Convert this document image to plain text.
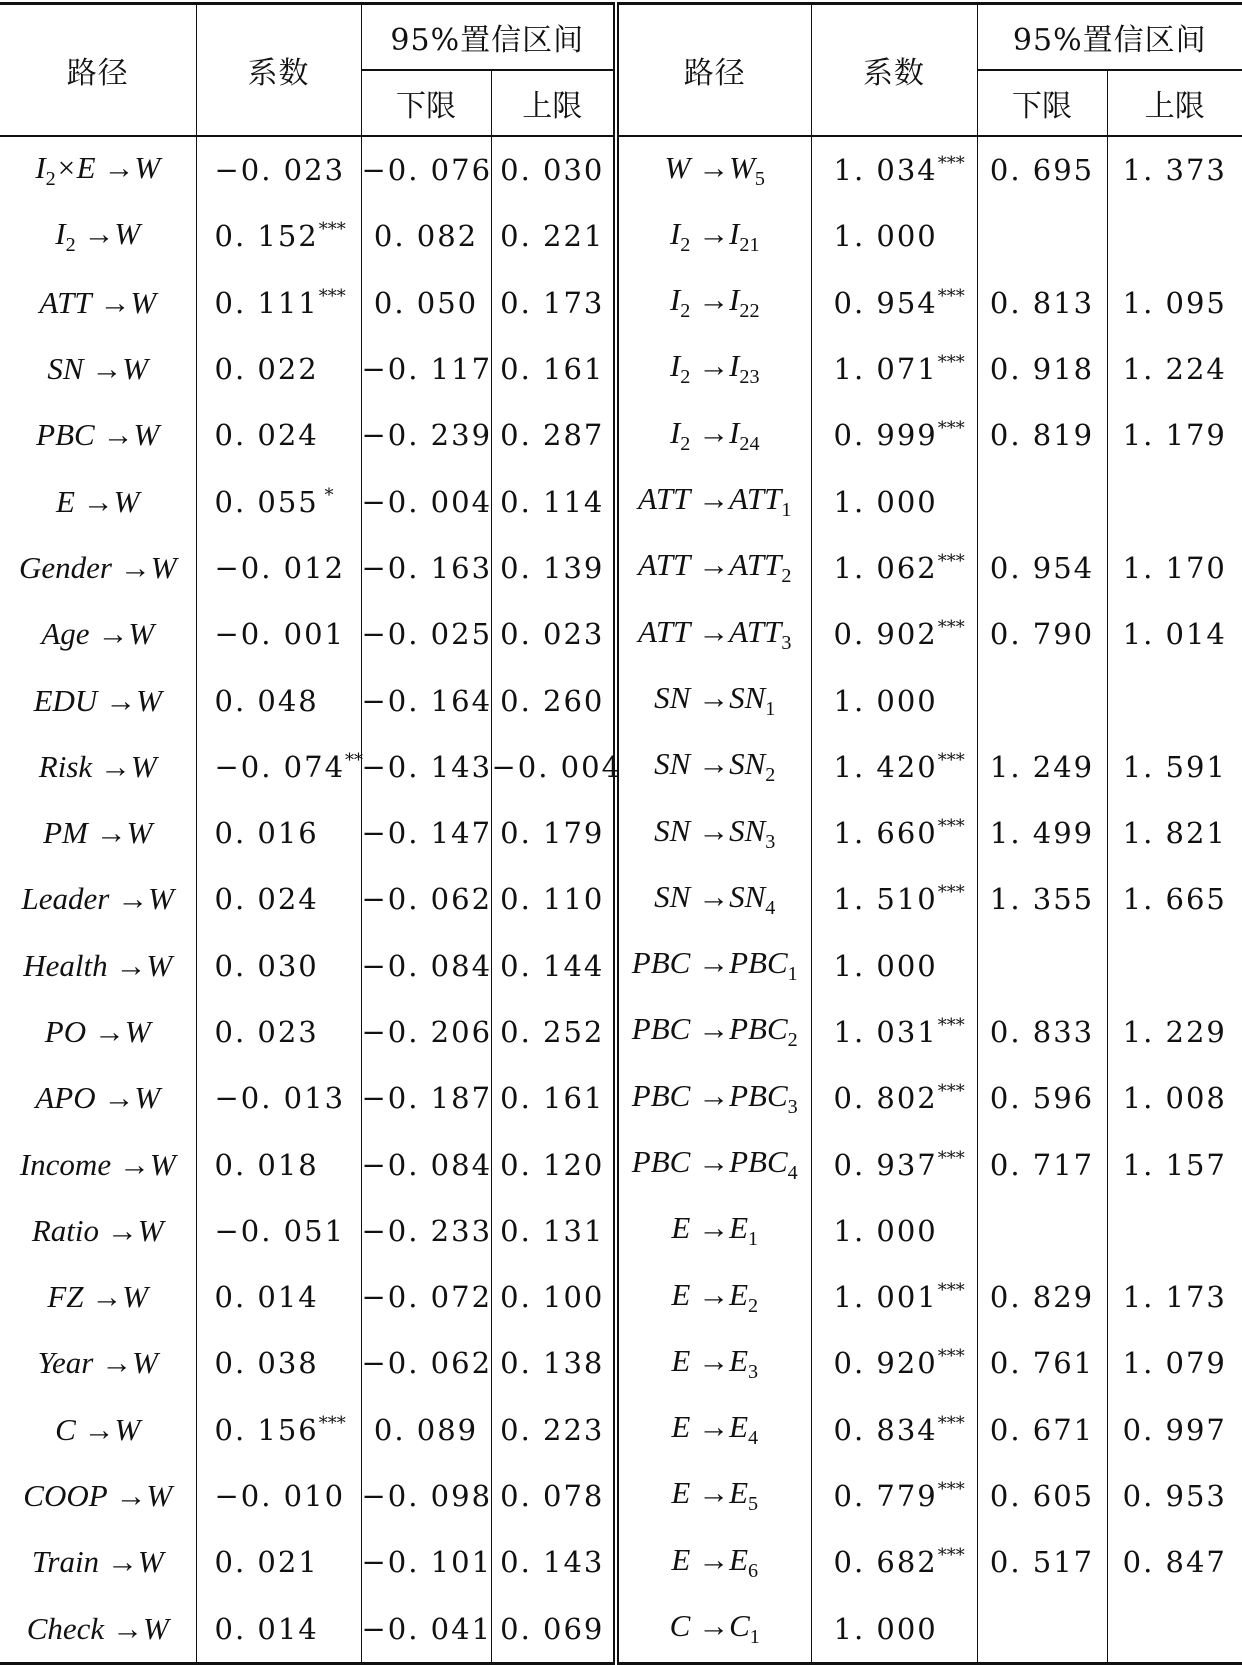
路径	系数	95%置信区间		路径	系数	95%置信区间	
		下限	上限			下限	上限
$I_2\times E \to W$	−0. 023	−0. 076	0. 030	$W \to W_5$	1. 034***	0. 695	1. 373
$I_2 \to W$	0. 152***	0. 082	0. 221	$I_2 \to I_{21}$	1. 000		
ATT →W	0. 111***	0. 050	0. 173	$I_2 \to I_{22}$	0. 954***	0. 813	1. 095
SN →W	0. 022	−0. 117	0. 161	$I_2 \to I_{23}$	1. 071***	0. 918	1. 224
PBC →W	0. 024	−0. 239	0. 287	$I_2 \to I_{24}$	0. 999***	0. 819	1. 179
E →W	0. 055 *	−0. 004	0. 114	ATT $\to ATT_1$	1. 000		
Gender →W	−0. 012	−0. 163	0. 139	ATT $\to ATT_2$	1. 062***	0. 954	1. 170
Age →W	−0. 001	−0. 025	0. 023	ATT $\to ATT_3$	0. 902***	0. 790	1. 014
EDU →W	0. 048	−0. 164	0. 260	SN $\to SN_1$	1. 000		
Risk →W	−0. 074**	−0. 143	−0. 004	SN $\to SN_2$	1. 420***	1. 249	1. 591
PM →W	0. 016	−0. 147	0. 179	SN $\to SN_3$	1. 660***	1. 499	1. 821
Leader →W	0. 024	−0. 062	0. 110	SN $\to SN_4$	1. 510***	1. 355	1. 665
Health →W	0. 030	−0. 084	0. 144	PBC $\to PBC_1$	1. 000		
PO →W	0. 023	−0. 206	0. 252	PBC $\to PBC_2$	1. 031***	0. 833	1. 229
APO →W	−0. 013	−0. 187	0. 161	PBC $\to PBC_3$	0. 802***	0. 596	1. 008
Income →W	0. 018	−0. 084	0. 120	PBC $\to PBC_4$	0. 937***	0. 717	1. 157
Ratio →W	−0. 051	−0. 233	0. 131	$E \to E_1$	1. 000		
FZ →W	0. 014	−0. 072	0. 100	$E \to E_2$	1. 001***	0. 829	1. 173
Year →W	0. 038	−0. 062	0. 138	$E \to E_3$	0. 920***	0. 761	1. 079
C →W	0. 156***	0. 089	0. 223	$E \to E_4$	0. 834***	0. 671	0. 997
COOP →W	−0. 010	−0. 098	0. 078	$E \to E_5$	0. 779***	0. 605	0. 953
Train →W	0. 021	−0. 101	0. 143	$E \to E_6$	0. 682***	0. 517	0. 847
Check →W	0. 014	−0. 041	0. 069	$C \to C_1$	1. 000		
